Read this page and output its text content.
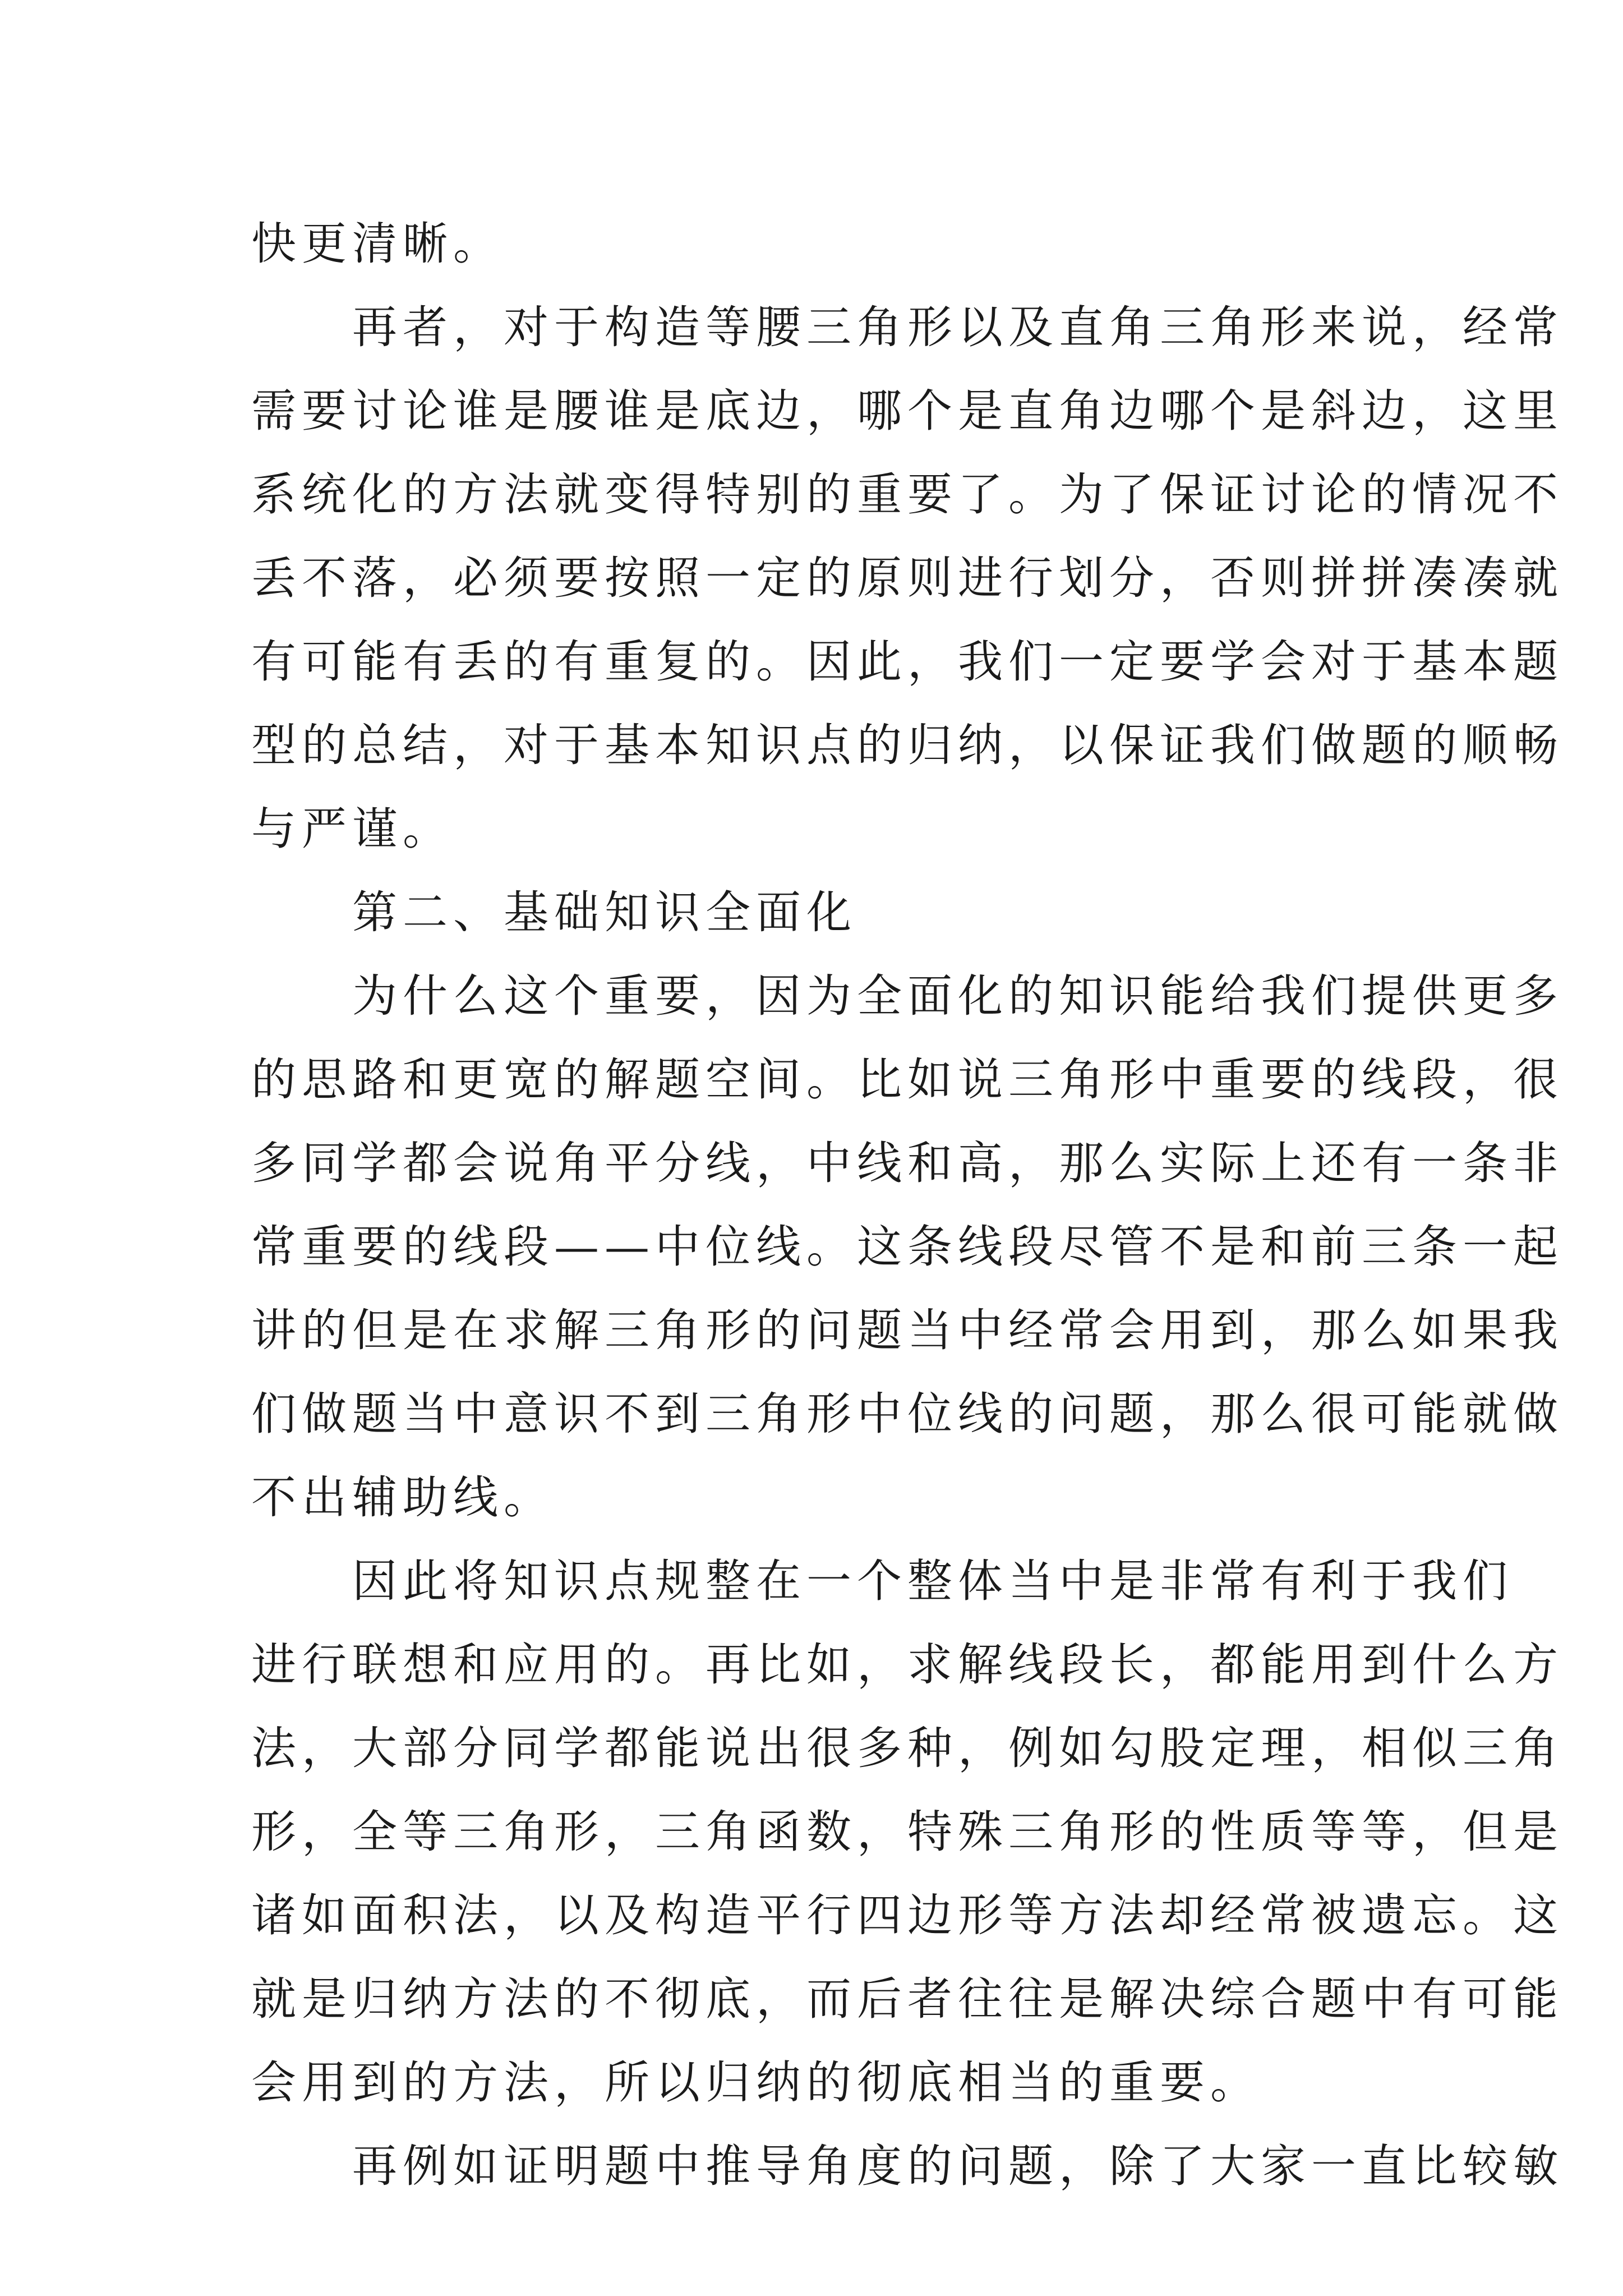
快更清晰。
　　再者，对于构造等腰三角形以及直角三角形来说，经常
需要讨论谁是腰谁是底边，哪个是直角边哪个是斜边，这里
系统化的方法就变得特别的重要了。为了保证讨论的情况不
丢不落，必须要按照一定的原则进行划分，否则拼拼凑凑就
有可能有丢的有重复的。因此，我们一定要学会对于基本题
型的总结，对于基本知识点的归纳，以保证我们做题的顺畅
与严谨。
　　第二、基础知识全面化
　　为什么这个重要，因为全面化的知识能给我们提供更多
的思路和更宽的解题空间。比如说三角形中重要的线段，很
多同学都会说角平分线，中线和高，那么实际上还有一条非
常重要的线段——中位线。这条线段尽管不是和前三条一起
讲的但是在求解三角形的问题当中经常会用到，那么如果我
们做题当中意识不到三角形中位线的问题，那么很可能就做
不出辅助线。
　　因此将知识点规整在一个整体当中是非常有利于我们
进行联想和应用的。再比如，求解线段长，都能用到什么方
法，大部分同学都能说出很多种，例如勾股定理，相似三角
形，全等三角形，三角函数，特殊三角形的性质等等，但是
诸如面积法，以及构造平行四边形等方法却经常被遗忘。这
就是归纳方法的不彻底，而后者往往是解决综合题中有可能
会用到的方法，所以归纳的彻底相当的重要。
　　再例如证明题中推导角度的问题，除了大家一直比较敏
